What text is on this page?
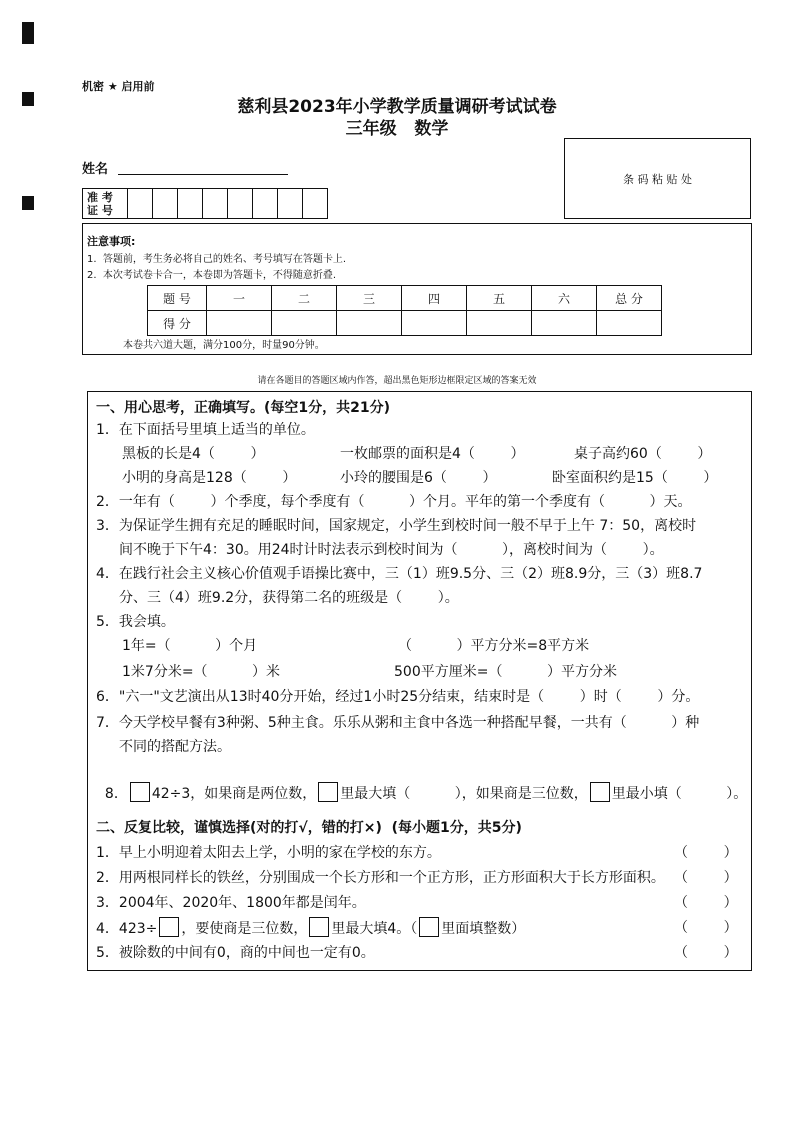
机密 ★ 启用前
慈利县2023年小学教学质量调研考试试卷
三年级   数学
姓名
准 考
证 号
条 码 粘 贴 处
注意事项:
1.  答题前，考生务必将自己的姓名、考号填写在答题卡上.
2.  本次考试卷卡合一，本卷即为答题卡，不得随意折叠.
本卷共六道大题，满分100分，时量90分钟。
题 号	一	二	三	四	五	六	总 分
得 分							
请在各题目的答题区域内作答，超出黑色矩形边框限定区域的答案无效
一、用心思考，正确填写。(每空1分，共21分)
1．在下面括号里填上适当的单位。
黑板的长是4（        ）	一枚邮票的面积是4（        ）	桌子高约60（        ）
小明的身高是128（        ）	小玲的腰围是6（        ）	卧室面积约是15（        ）
2．一年有（        ）个季度，每个季度有（          ）个月。平年的第一个季度有（          ）天。
3．为保证学生拥有充足的睡眠时间，国家规定，小学生到校时间一般不早于上午 7：50，离校时
间不晚于下午4：30。用24时计时法表示到校时间为（          ），离校时间为（        ）。
4．在践行社会主义核心价值观手语操比赛中，三（1）班9.5分、三（2）班8.9分，三（3）班8.7
分、三（4）班9.2分，获得第二名的班级是（        ）。
5．我会填。
1年=（          ）个月	（          ）平方分米=8平方米
1米7分米=（          ）米	500平方厘米=（          ）平方分米
6．"六一"文艺演出从13时40分开始，经过1小时25分结束，结束时是（        ）时（        ）分。
7．今天学校早餐有3种粥、5种主食。乐乐从粥和主食中各选一种搭配早餐，一共有（          ）种
不同的搭配方法。

8． 42÷3，如果商是两位数， 里最大填（          ），如果商是三位数， 里最小填（          ）。

二、反复比较，谨慎选择(对的打√，错的打×)  (每小题1分，共5分)
1．早上小明迎着太阳去上学，小明的家在学校的东方。	（        ）
2．用两根同样长的铁丝，分别围成一个长方形和一个正方形，正方形面积大于长方形面积。 （        ）
3．2004年、2020年、1800年都是闰年。	（        ）
4．423÷ ，要使商是三位数， 里最大填4。（ 里面填整数）	（        ）
5．被除数的中间有0，商的中间也一定有0。	（        ）
